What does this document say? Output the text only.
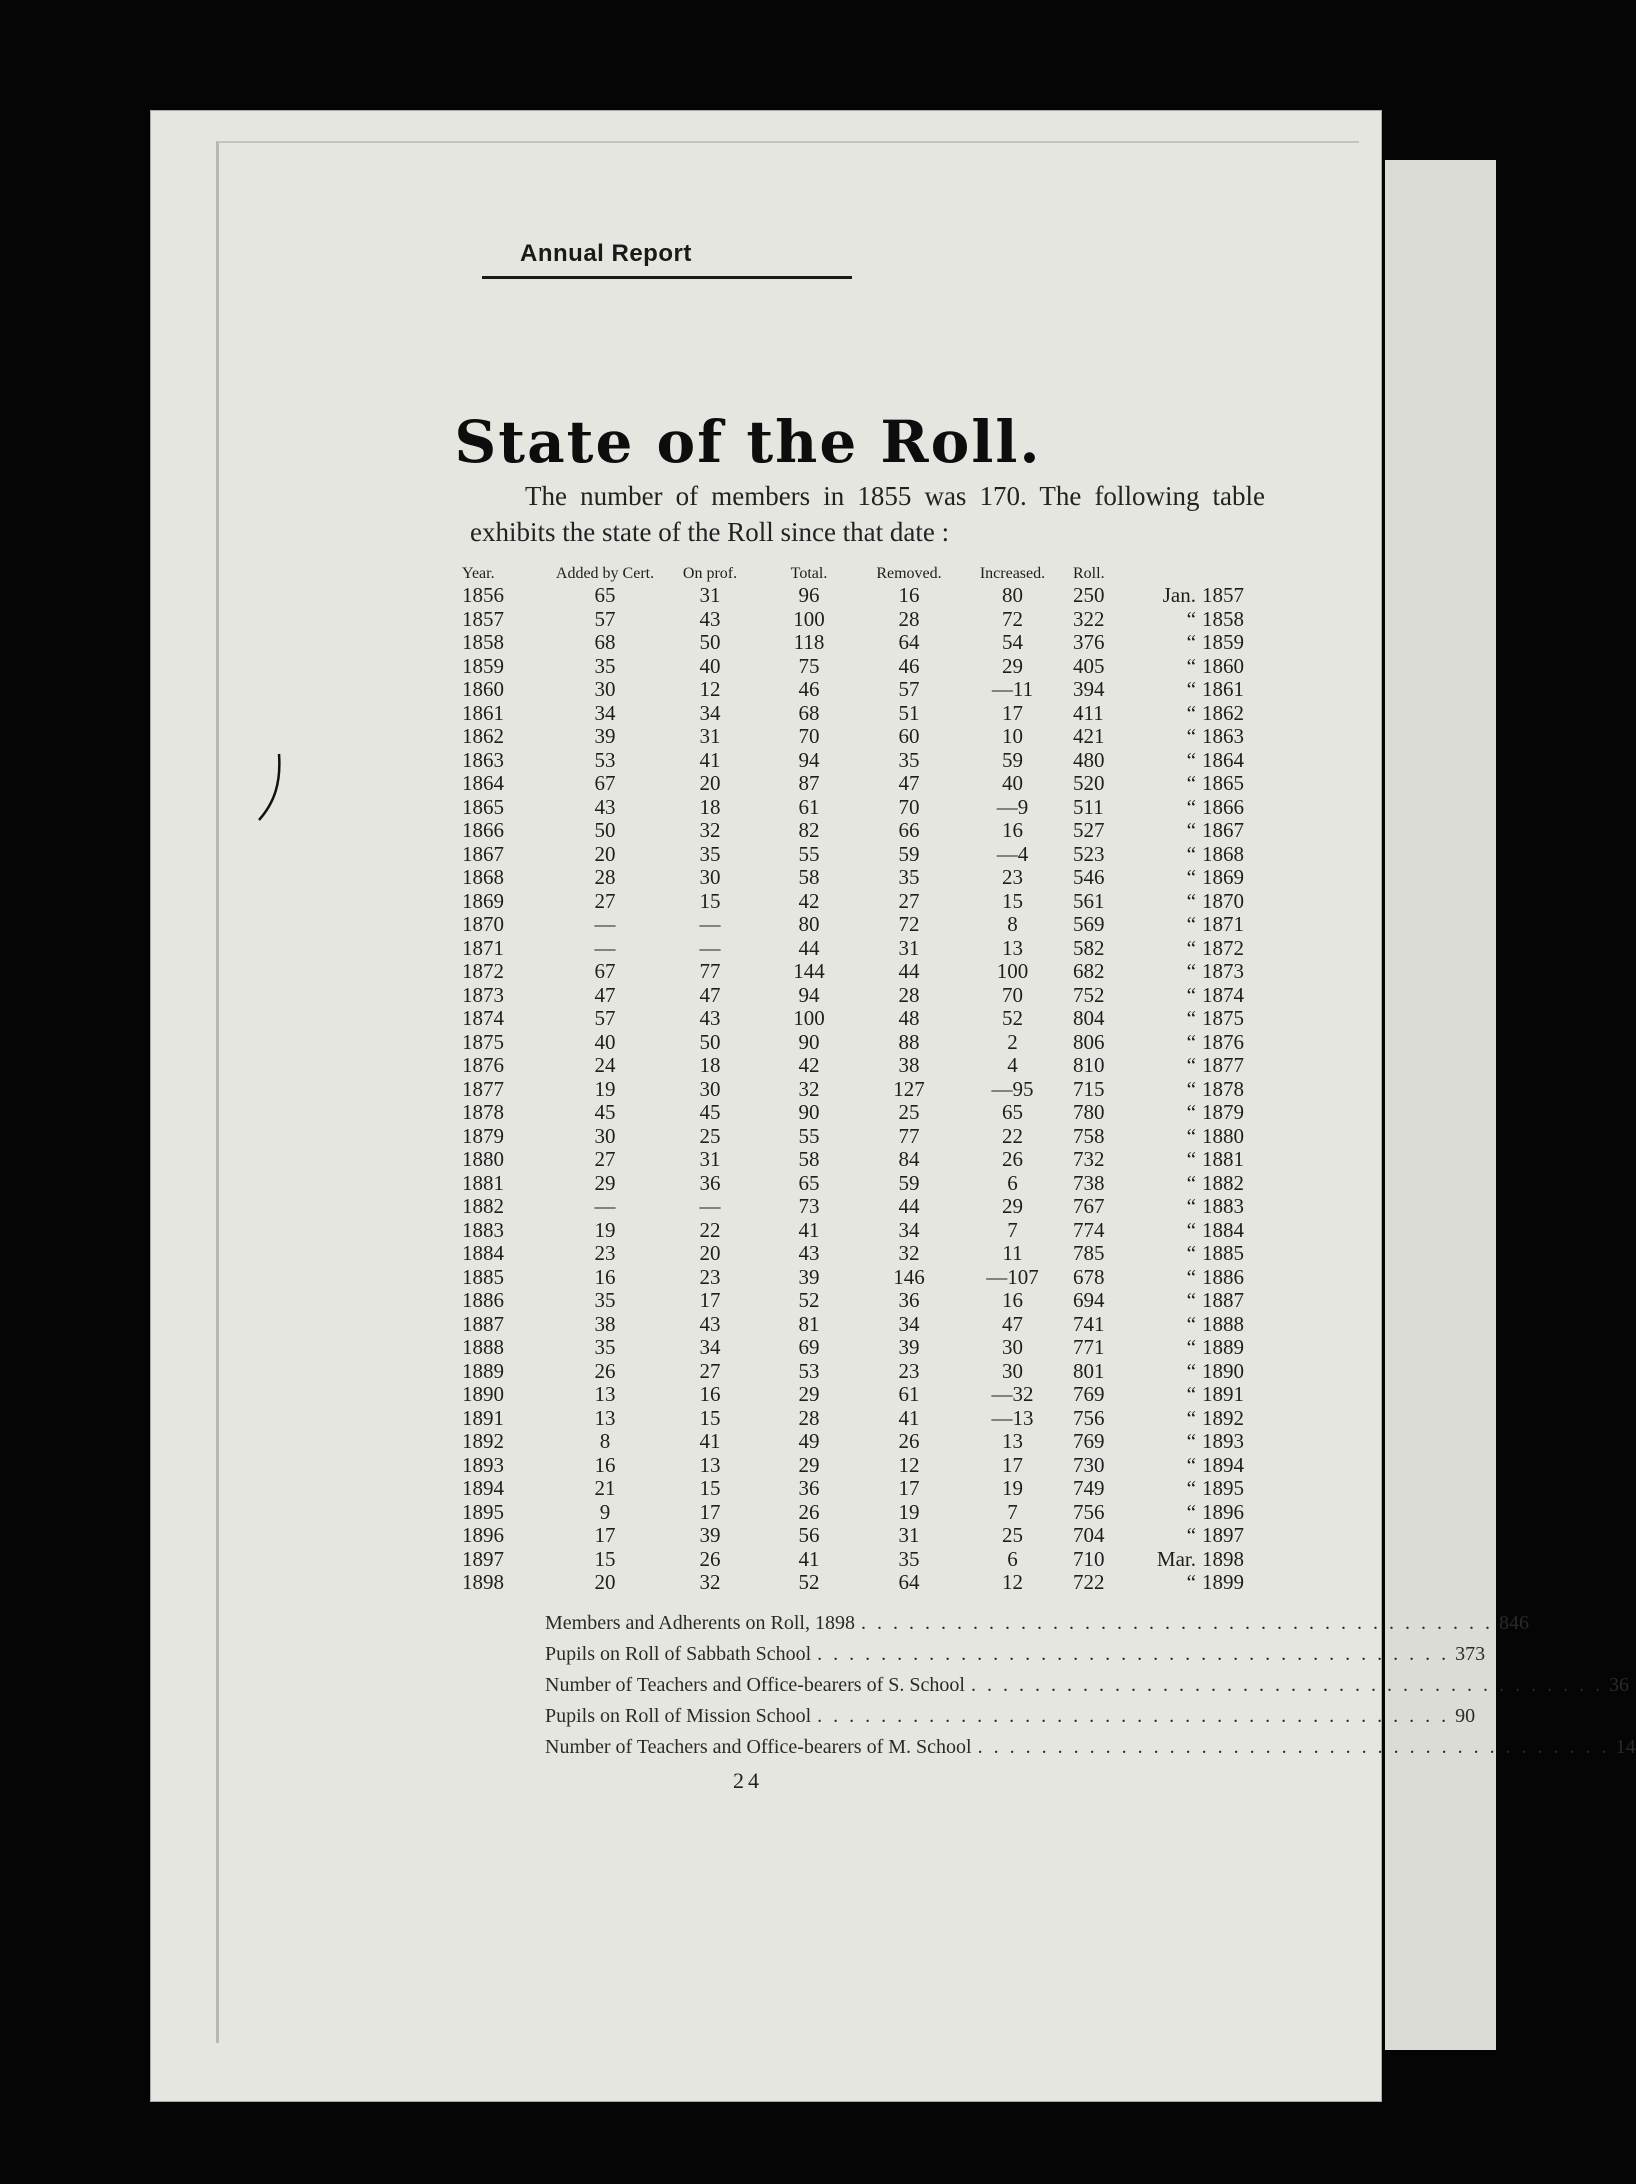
Annual Report
State of the Roll.
The number of members in 1855 was 170. The following table exhibits the state of the Roll since that date :
Year.	Added by Cert.	On prof.	Total.	Removed.	Increased.	Roll.		
1856	65	31	96	16	80	250	Jan.	1857
1857	57	43	100	28	72	322	“	1858
1858	68	50	118	64	54	376	“	1859
1859	35	40	75	46	29	405	“	1860
1860	30	12	46	57	—11	394	“	1861
1861	34	34	68	51	17	411	“	1862
1862	39	31	70	60	10	421	“	1863
1863	53	41	94	35	59	480	“	1864
1864	67	20	87	47	40	520	“	1865
1865	43	18	61	70	—9	511	“	1866
1866	50	32	82	66	16	527	“	1867
1867	20	35	55	59	—4	523	“	1868
1868	28	30	58	35	23	546	“	1869
1869	27	15	42	27	15	561	“	1870
1870	—	—	80	72	8	569	“	1871
1871	—	—	44	31	13	582	“	1872
1872	67	77	144	44	100	682	“	1873
1873	47	47	94	28	70	752	“	1874
1874	57	43	100	48	52	804	“	1875
1875	40	50	90	88	2	806	“	1876
1876	24	18	42	38	4	810	“	1877
1877	19	30	32	127	—95	715	“	1878
1878	45	45	90	25	65	780	“	1879
1879	30	25	55	77	22	758	“	1880
1880	27	31	58	84	26	732	“	1881
1881	29	36	65	59	6	738	“	1882
1882	—	—	73	44	29	767	“	1883
1883	19	22	41	34	7	774	“	1884
1884	23	20	43	32	11	785	“	1885
1885	16	23	39	146	—107	678	“	1886
1886	35	17	52	36	16	694	“	1887
1887	38	43	81	34	47	741	“	1888
1888	35	34	69	39	30	771	“	1889
1889	26	27	53	23	30	801	“	1890
1890	13	16	29	61	—32	769	“	1891
1891	13	15	28	41	—13	756	“	1892
1892	8	41	49	26	13	769	“	1893
1893	16	13	29	12	17	730	“	1894
1894	21	15	36	17	19	749	“	1895
1895	9	17	26	19	7	756	“	1896
1896	17	39	56	31	25	704	“	1897
1897	15	26	41	35	6	710	Mar.	1898
1898	20	32	52	64	12	722	“	1899
Members and Adherents on Roll, 1898 . . . . . . . . . . . . . . . . . . . . . . . . . . . . . . . . . . . . . . . . 846
Pupils on Roll of Sabbath School . . . . . . . . . . . . . . . . . . . . . . . . . . . . . . . . . . . . . . . . 373
Number of Teachers and Office-bearers of S. School . . . . . . . . . . . . . . . . . . . . . . . . . . . . . . . . . . . . . . . . 36
Pupils on Roll of Mission School . . . . . . . . . . . . . . . . . . . . . . . . . . . . . . . . . . . . . . . . 90
Number of Teachers and Office-bearers of M. School . . . . . . . . . . . . . . . . . . . . . . . . . . . . . . . . . . . . . . . . 14
24
